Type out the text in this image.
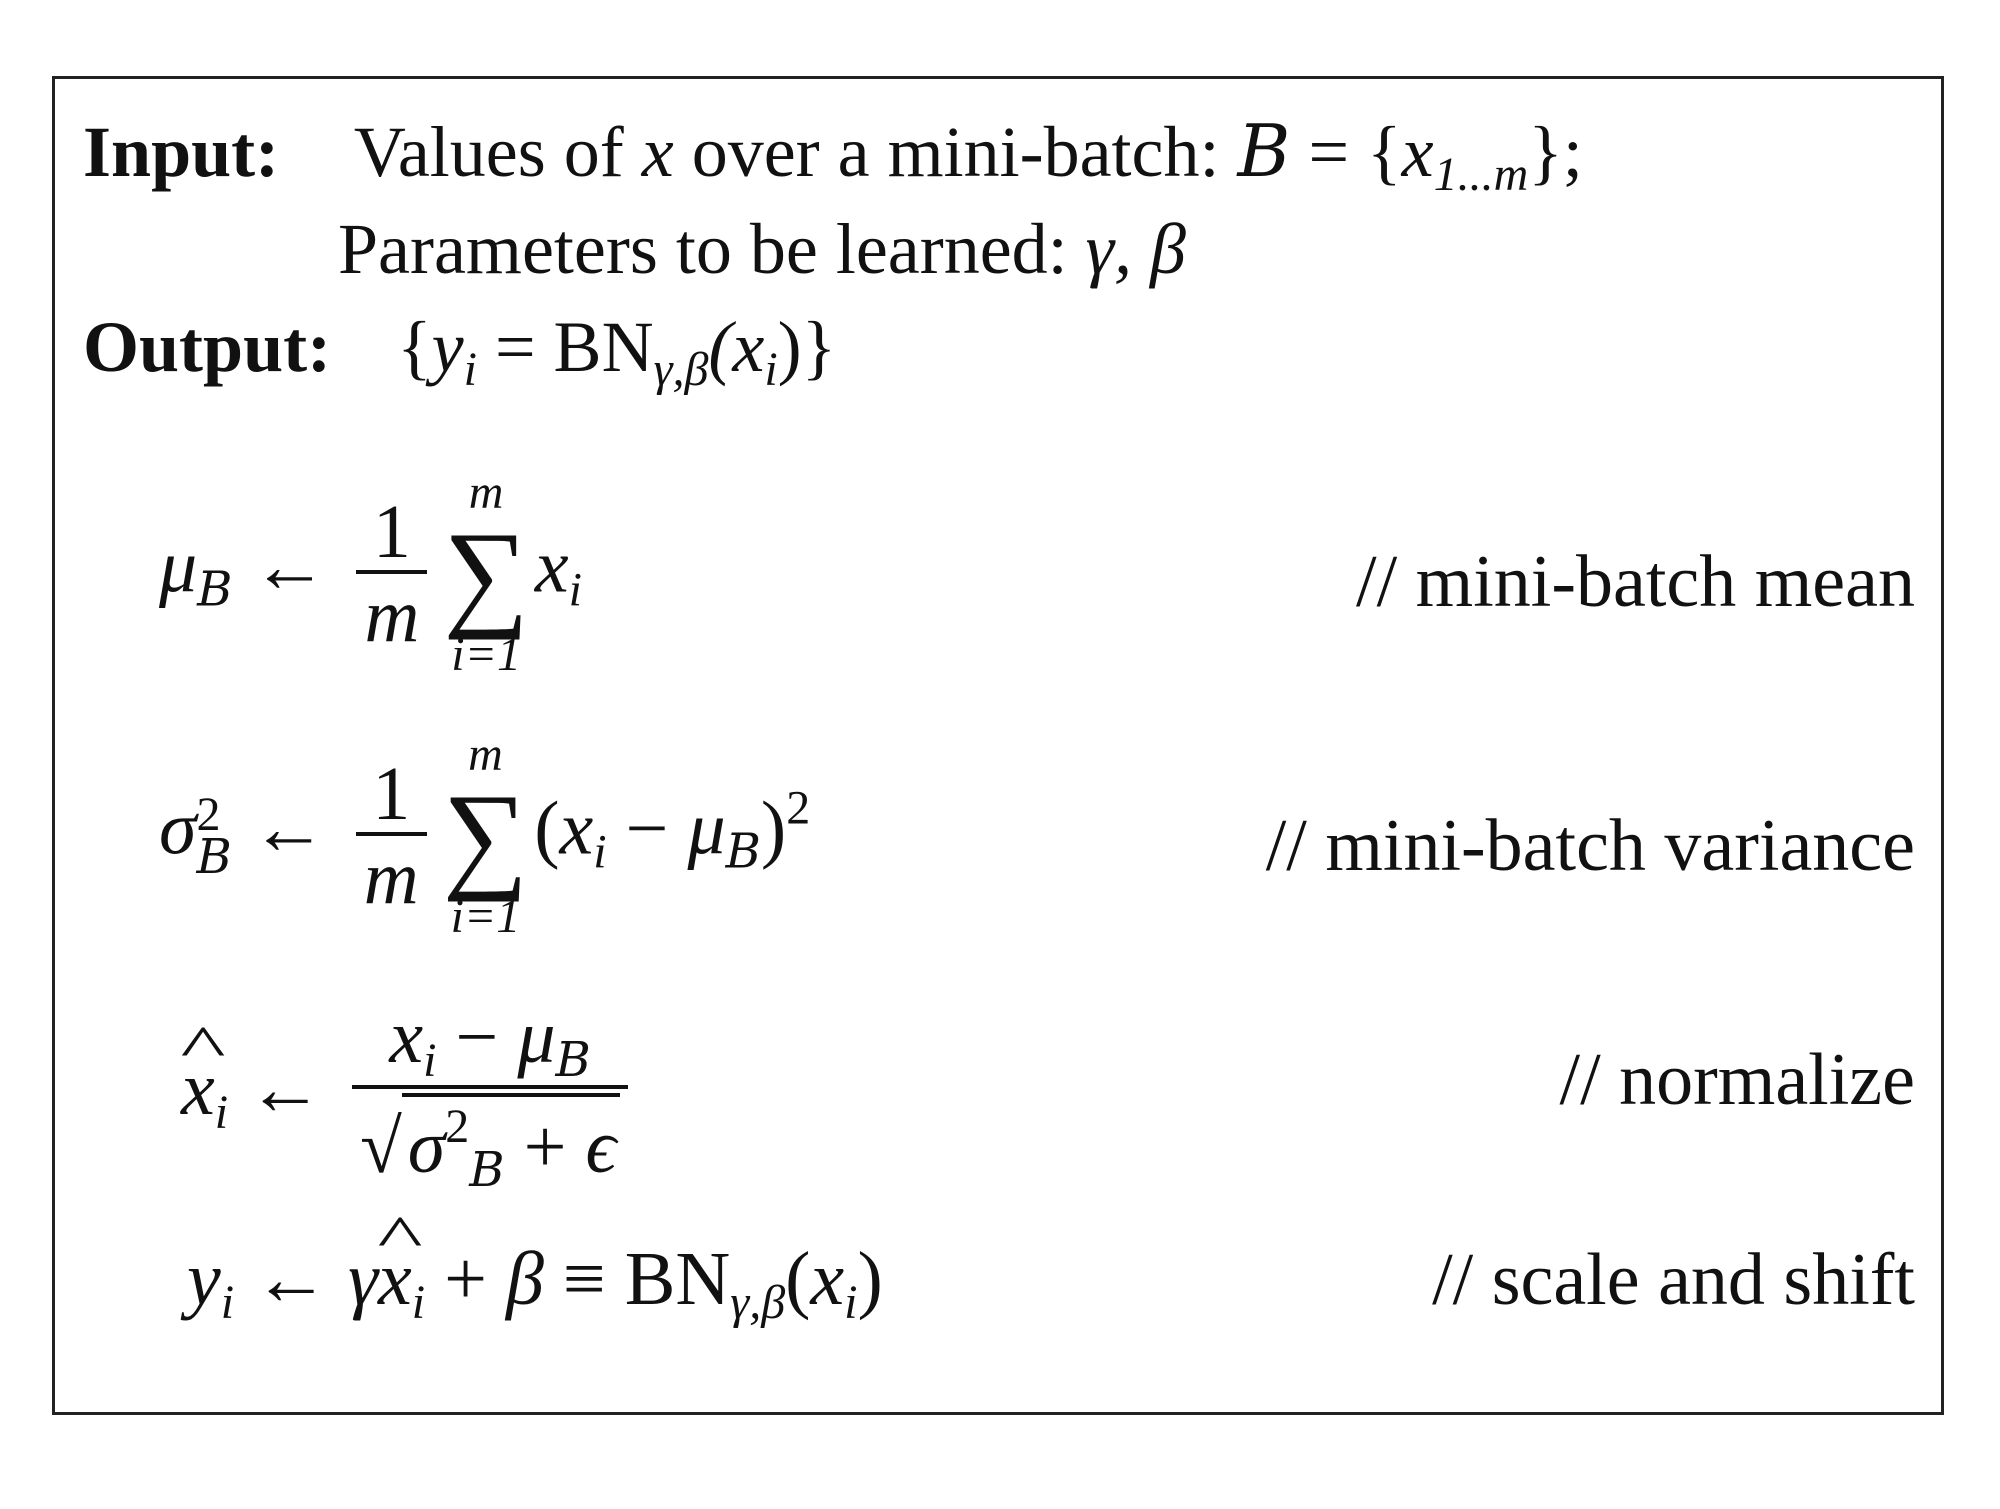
Input: Values of x over a mini-batch: B = {x1...m};
Parameters to be learned: γ, β
Output: {yi = BNγ,β(xi)}
$\mu_B$ ← $\frac{1}{m}$
m
∑
i=1
xi	// mini-batch mean
σ 2
B ← $\frac{1}{m}$
m
∑
i=1
$(xi - \mu_B)^2$	// mini-batch variance
^ xi ← $\frac{xi - \mu_B}{√\sigma^2_B + \epsilon}$	// normalize
yi ← γ^ xi + β ≡ BNγ,β(xi)	// scale and shift
